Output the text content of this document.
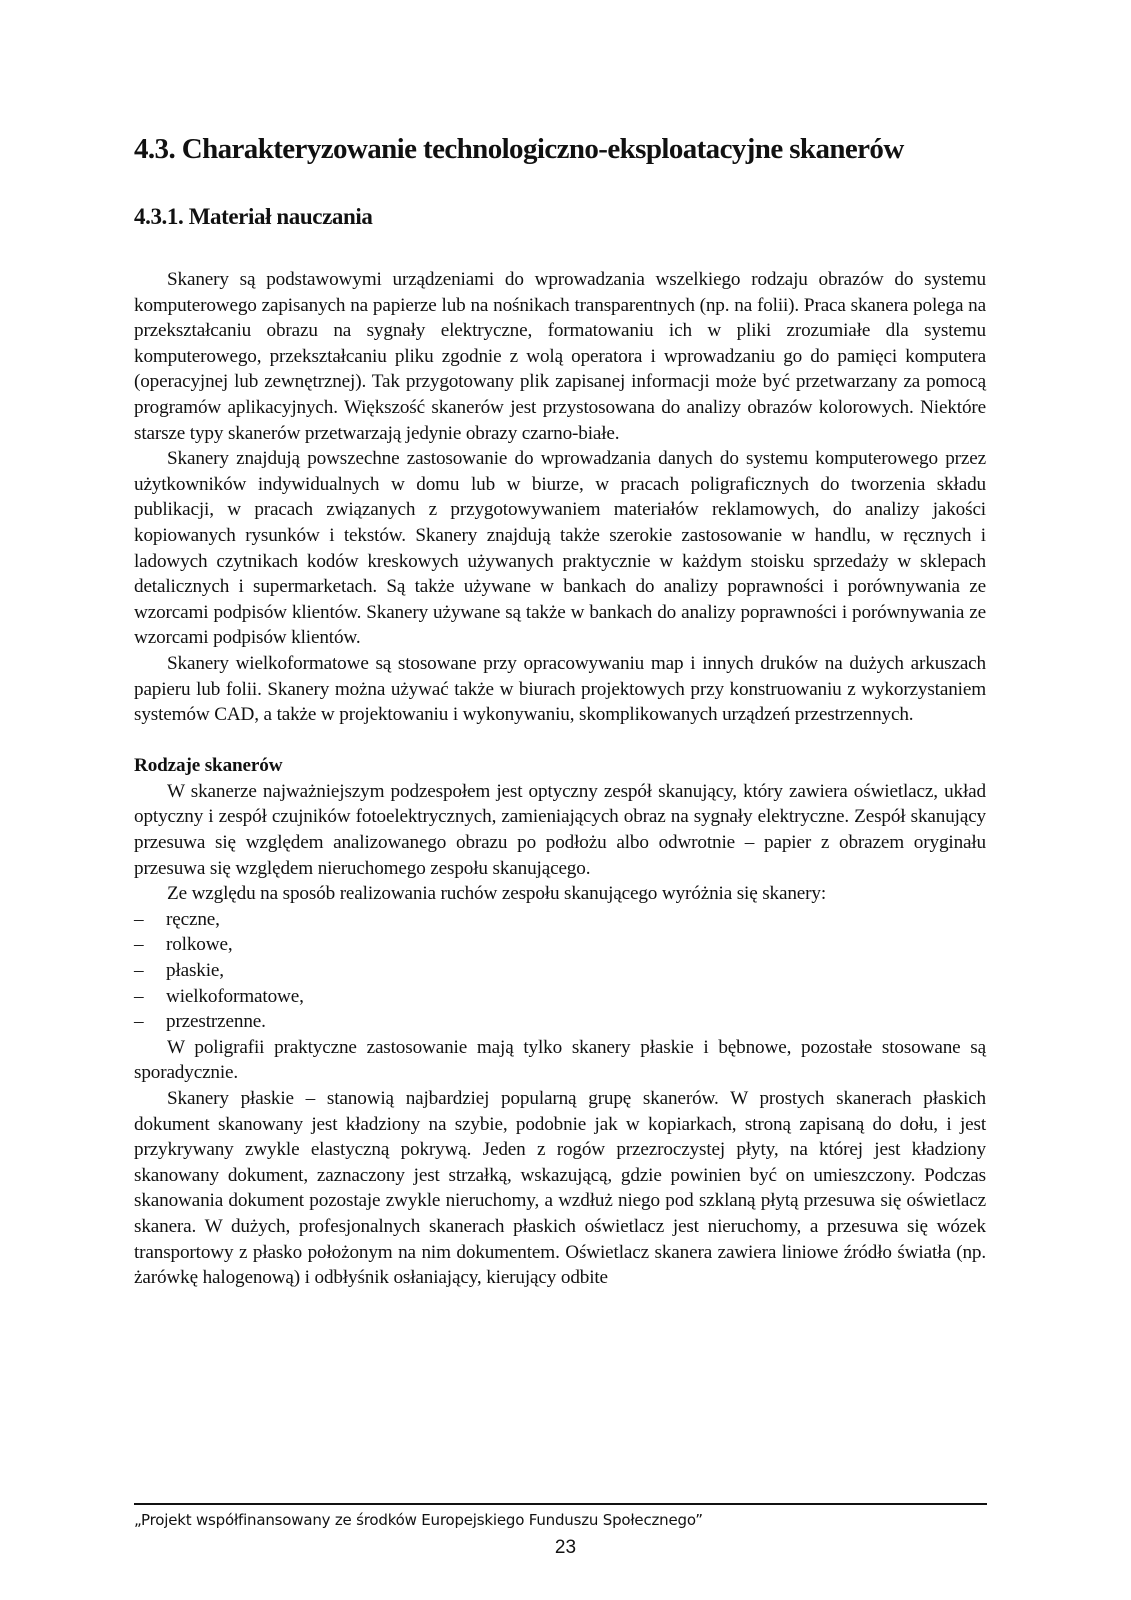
4.3. Charakteryzowanie technologiczno-eksploatacyjne skanerów
4.3.1. Materiał nauczania

Skanery są podstawowymi urządzeniami do wprowadzania wszelkiego rodzaju obrazów do systemu komputerowego zapisanych na papierze lub na nośnikach transparentnych (np. na folii). Praca skanera polega na przekształcaniu obrazu na sygnały elektryczne, formatowaniu ich w pliki zrozumiałe dla systemu komputerowego, przekształcaniu pliku zgodnie z wolą operatora i wprowadzaniu go do pamięci komputera (operacyjnej lub zewnętrznej). Tak przygotowany plik zapisanej informacji może być przetwarzany za pomocą programów aplikacyjnych. Większość skanerów jest przystosowana do analizy obrazów kolorowych. Niektóre starsze typy skanerów przetwarzają jedynie obrazy czarno-białe.

Skanery znajdują powszechne zastosowanie do wprowadzania danych do systemu komputerowego przez użytkowników indywidualnych w domu lub w biurze, w pracach poligraficznych do tworzenia składu publikacji, w pracach związanych z przygotowywaniem materiałów reklamowych, do analizy jakości kopiowanych rysunków i tekstów. Skanery znajdują także szerokie zastosowanie w handlu, w ręcznych i ladowych czytnikach kodów kreskowych używanych praktycznie w każdym stoisku sprzedaży w sklepach detalicznych i supermarketach. Są także używane w bankach do analizy poprawności i porównywania ze wzorcami podpisów klientów. Skanery używane są także w bankach do analizy poprawności i porównywania ze wzorcami podpisów klientów.

Skanery wielkoformatowe są stosowane przy opracowywaniu map i innych druków na dużych arkuszach papieru lub folii. Skanery można używać także w biurach projektowych przy konstruowaniu z wykorzystaniem systemów CAD, a także w projektowaniu i wykonywaniu, skomplikowanych urządzeń przestrzennych.

Rodzaje skanerów

W skanerze najważniejszym podzespołem jest optyczny zespół skanujący, który zawiera oświetlacz, układ optyczny i zespół czujników fotoelektrycznych, zamieniających obraz na sygnały elektryczne. Zespół skanujący przesuwa się względem analizowanego obrazu po podłożu albo odwrotnie – papier z obrazem oryginału przesuwa się względem nieruchomego zespołu skanującego.

Ze względu na sposób realizowania ruchów zespołu skanującego wyróżnia się skanery:

– ręczne,
– rolkowe,
– płaskie,
– wielkoformatowe,
– przestrzenne.

W poligrafii praktyczne zastosowanie mają tylko skanery płaskie i bębnowe, pozostałe stosowane są sporadycznie.

Skanery płaskie – stanowią najbardziej popularną grupę skanerów. W prostych skanerach płaskich dokument skanowany jest kładziony na szybie, podobnie jak w kopiarkach, stroną zapisaną do dołu, i jest przykrywany zwykle elastyczną pokrywą. Jeden z rogów przezroczystej płyty, na której jest kładziony skanowany dokument, zaznaczony jest strzałką, wskazującą, gdzie powinien być on umieszczony. Podczas skanowania dokument pozostaje zwykle nieruchomy, a wzdłuż niego pod szklaną płytą przesuwa się oświetlacz skanera. W dużych, profesjonalnych skanerach płaskich oświetlacz jest nieruchomy, a przesuwa się wózek transportowy z płasko położonym na nim dokumentem. Oświetlacz skanera zawiera liniowe źródło światła (np. żarówkę halogenową) i odbłyśnik osłaniający, kierujący odbite

„Projekt współfinansowany ze środków Europejskiego Funduszu Społecznego”
23
